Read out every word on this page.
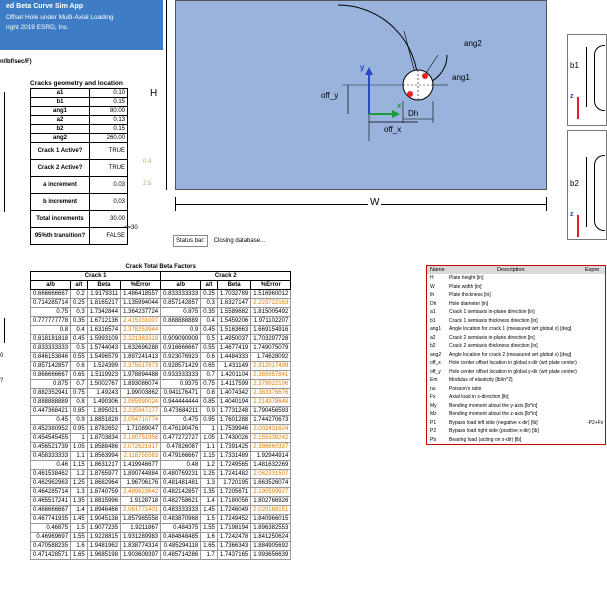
ed Beta Curve Sim App
Offset Hole under Multi-Axial Loading
right 2019 ESRD, Inc.
n/lbf/sec/F)
0
?
Cracks geometry and location
a1	0.10
b1	0.15
ang1	80.00
a2	0.13
b2	0.15
ang2	260.00
Crack 1 Active?	TRUE
Crack 2 Active?	TRUE
a increment	0.03
b increment	0.03
Total increments	30.00
95%th transition?	FALSE
<=30
0.4
2.5
H
ang2
ang1
y
x
off_y
Dh
off_x
W
b1
z
b2
z
Status bar: Closing database...
Crack Total Beta Factors							
Crack 1				Crack 2			
a/b	a/t	Beta	%Error	a/b	a/t	Beta	%Error
0.666666667	0.2	1.9179311	1.486418557	0.833333333	0.25	1.7032789	1.516960012
0.714285714	0.25	1.8165217	1.135994044	0.857142857	0.3	1.6327147	2.223722163
0.75	0.3	1.7342844	1.364237724	0.875	0.35	1.5589682	1.815005492
0.777777778	0.35	1.6712136	2.415331007	0.888888889	0.4	1.5459206	1.971102207
0.8	0.4	1.6316574	2.378253944	0.9	0.45	1.5163663	1.669154916
0.818181818	0.45	1.5993109	2.221383319	0.909090909	0.5	1.4950037	1.703297728
0.833333333	0.5	1.5744043	1.632696288	0.916666667	0.55	1.4677419	1.749075079
0.846153846	0.55	1.5496579	1.897241413	0.923076923	0.6	1.4484333	1.74628092
0.857142857	0.6	1.524399	2.375517973	0.928571429	0.65	1.431149	2.312017499
0.866666667	0.65	1.5119923	1.978894488	0.933333333	0.7	1.4201104	2.365957841
0.875	0.7	1.5002767	1.893086074	0.9375	0.75	1.4117599	2.379922106
0.882352941	0.75	1.49243	1.99003862	0.941176471	0.8	1.4074342	2.383376676
0.888888889	0.8	1.490306	2.085990024	0.944444444	0.85	1.4040194	2.214378648
0.447368421	0.85	1.895021	2.235947277	0.473684211	0.9	1.7731248	1.790456593
0.45	0.9	1.8851828	2.054710774	0.475	0.95	1.7601288	1.744270673
0.452380952	0.95	1.8782652	1.71089047	0.476190476	1	1.7539946	2.002431624
0.454545455	1	1.8703834	2.190751958	0.477272727	1.05	1.7430026	2.155339242
0.456521739	1.05	1.8588486	2.072621917	0.47826087	1.1	1.7391425	2.386860337
0.458333333	1.1	1.8563994	2.118755583	0.479166667	1.15	1.7331489	1.92944914
0.46	1.15	1.8631217	1.419946677	0.48	1.2	1.7249565	1.481632269
0.461538462	1.2	1.8765977	1.890744884	0.480769231	1.25	1.7241482	2.062331507
0.462962963	1.25	1.8682964	1.96706176	0.481481481	1.3	1.720195	1.663526074
0.464285714	1.3	1.8740759	2.489923642	0.482142857	1.35	1.7205671	2.190599927
0.465517241	1.35	1.8815996	1.9128718	0.482758621	1.4	1.7180056	1.802766926
0.466666667	1.4	1.8946466	2.061772401	0.483333333	1.45	1.7246049	2.020168151
0.467741935	1.45	1.9045138	1.857985558	0.483870968	1.5	1.7249452	1.840966015
0.46875	1.5	1.9077235	1.9211867	0.484375	1.55	1.7198194	1.896382553
0.46969697	1.55	1.9228815	1.931289983	0.484848485	1.6	1.7242478	1.841250624
0.470588235	1.6	1.9481962	1.838774314	0.485294118	1.65	1.7366343	1.884905692
0.471428571	1.65	1.9685198	1.903609397	0.485714286	1.7	1.7437165	1.993656639
Name	Description	Expre
H	Plate height [in]
W	Plate width [in]
th	Plate thickness [in]
Dh	Hole diameter [in]
a1	Crack 1 semiaxis in-plane direction [in]
b1	Crack 1 semiaxis thickness direction [in]
ang1 Angle location for crack 1 (measured wrt global x) [deg]
a2	Crack 2 semiaxis in-plane direction [in]
b2	Crack 2 semiaxis thickness direction [in]
ang2 Angle location for crack 2 (measured wrt global x) [deg]
off_x Hole center offset location in global x-dir (wrt plate center)
off_y Hole center offset location in global y-dir (wrt plate center)
Em Modulus of elasticity [lb/in^2]
nu	Poisson's ratio
Fx	Axial load in x-direction [lb]
My Bending moment about the y-axis [lb*in]
Mz Bending moment about the z-axis [lb*in]
P1	Bypass load left side (negative x-dir) [lb]	-P2+Fx
P2	Bypass load right side (positive x-dir) [lb]
Pb	Bearing load (acting on x-dir) [lb]
